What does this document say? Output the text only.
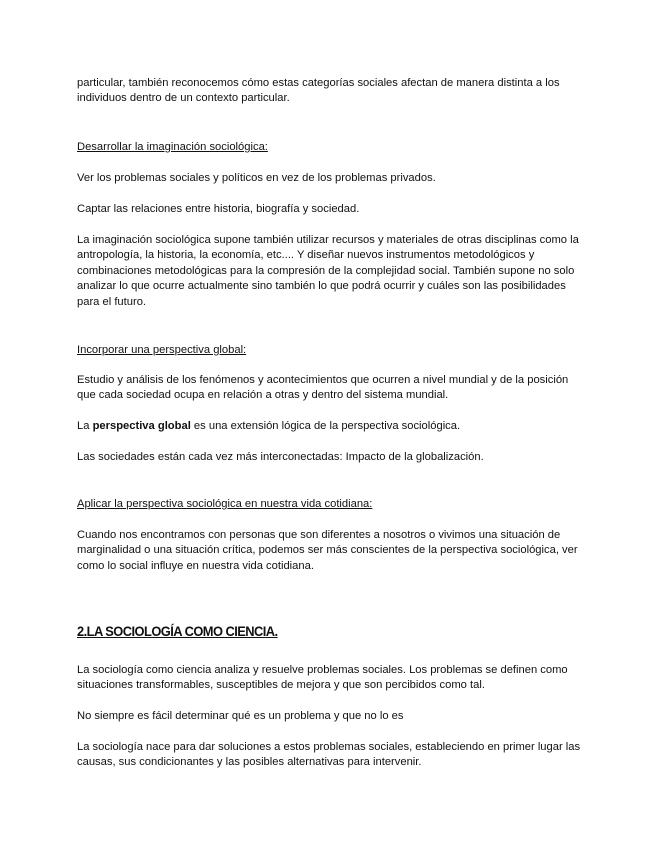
particular, también reconocemos cómo estas categorías sociales afectan de manera distinta a los individuos dentro de un contexto particular.

Desarrollar la imaginación sociológica:

Ver los problemas sociales y políticos en vez de los problemas privados.

Captar las relaciones entre historia, biografía y sociedad.

La imaginación sociológica supone también utilizar recursos y materiales de otras disciplinas como la antropología, la historia, la economía, etc.... Y diseñar nuevos instrumentos metodológicos y combinaciones metodológicas para la compresión de la complejidad social. También supone no solo analizar lo que ocurre actualmente sino también lo que podrá ocurrir y cuáles son las posibilidades para el futuro.

Incorporar una perspectiva global:

Estudio y análisis de los fenómenos y acontecimientos que ocurren a nivel mundial y de la posición que cada sociedad ocupa en relación a otras y dentro del sistema mundial.

La perspectiva global es una extensión lógica de la perspectiva sociológica.

Las sociedades están cada vez más interconectadas: Impacto de la globalización.

Aplicar la perspectiva sociológica en nuestra vida cotidiana:

Cuando nos encontramos con personas que son diferentes a nosotros o vivimos una situación de marginalidad o una situación crítica, podemos ser más conscientes de la perspectiva sociológica, ver como lo social influye en nuestra vida cotidiana.

2.LA SOCIOLOGÍA COMO CIENCIA.

La sociología como ciencia analiza y resuelve problemas sociales. Los problemas se definen como situaciones transformables, susceptibles de mejora y que son percibidos como tal.

No siempre es fácil determinar qué es un problema y que no lo es

La sociología nace para dar soluciones a estos problemas sociales, estableciendo en primer lugar las causas, sus condicionantes y las posibles alternativas para intervenir.
